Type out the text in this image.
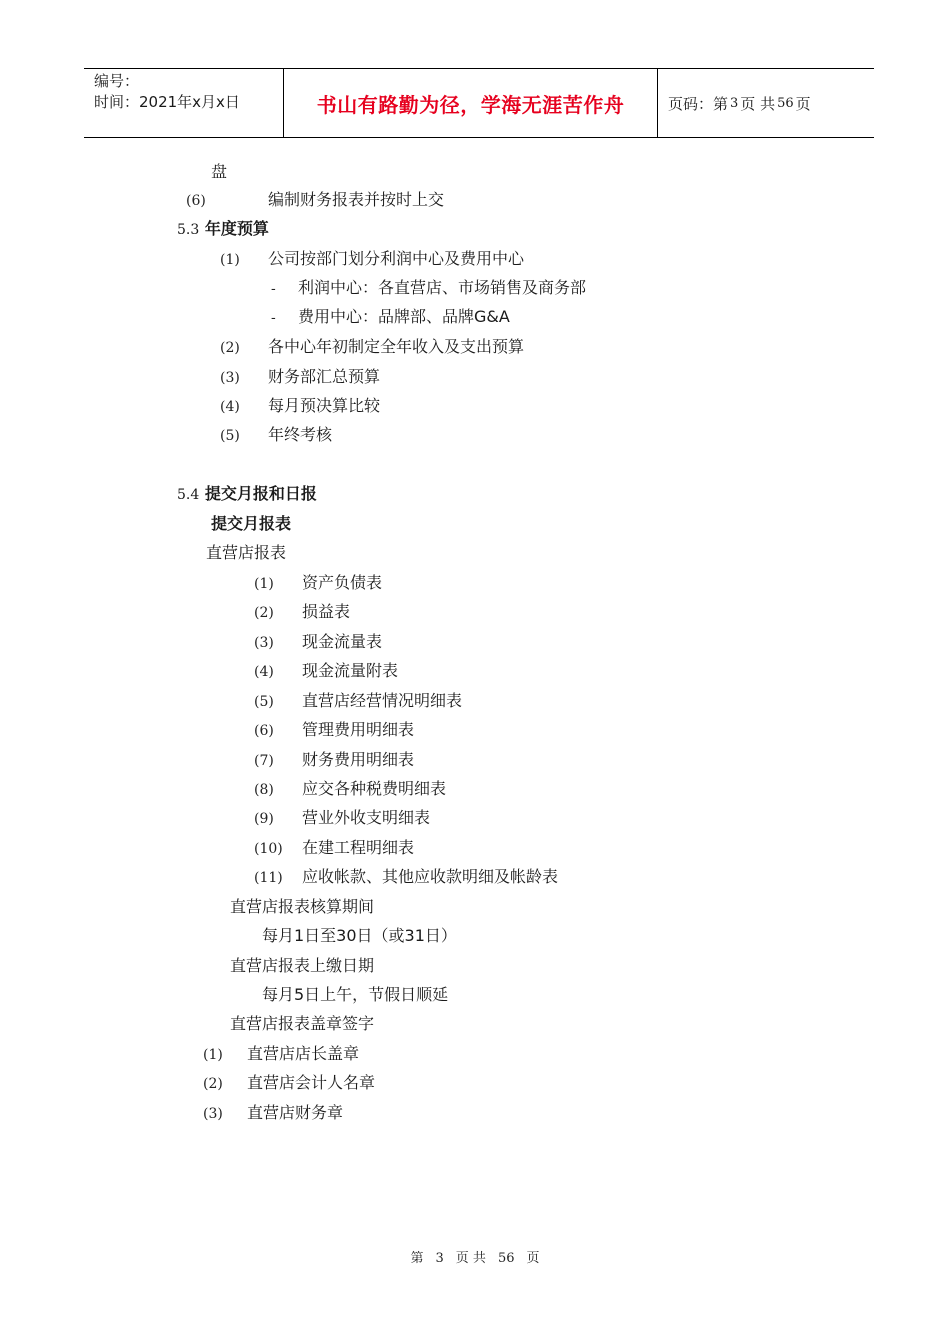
编号：
时间：2021年x月x日	书山有路勤为径，学海无涯苦作舟	页码：第 3 页 共 56 页
盘
(6)	编制财务报表并按时上交
5.3 年度预算
(1) 公司按部门划分利润中心及费用中心
- 利润中心：各直营店、市场销售及商务部
- 费用中心：品牌部、品牌G&A
(2) 各中心年初制定全年收入及支出预算
(3) 财务部汇总预算
(4) 每月预决算比较
(5) 年终考核
5.4 提交月报和日报
提交月报表
直营店报表
(1) 资产负债表
(2) 损益表
(3) 现金流量表
(4) 现金流量附表
(5) 直营店经营情况明细表
(6) 管理费用明细表
(7) 财务费用明细表
(8) 应交各种税费明细表
(9) 营业外收支明细表
(10) 在建工程明细表
(11) 应收帐款、其他应收款明细及帐龄表
直营店报表核算期间
每月1日至30日（或31日）
直营店报表上缴日期
每月5日上午，节假日顺延
直营店报表盖章签字
(1) 直营店店长盖章
(2) 直营店会计人名章
(3) 直营店财务章
第 3 页 共 56 页
